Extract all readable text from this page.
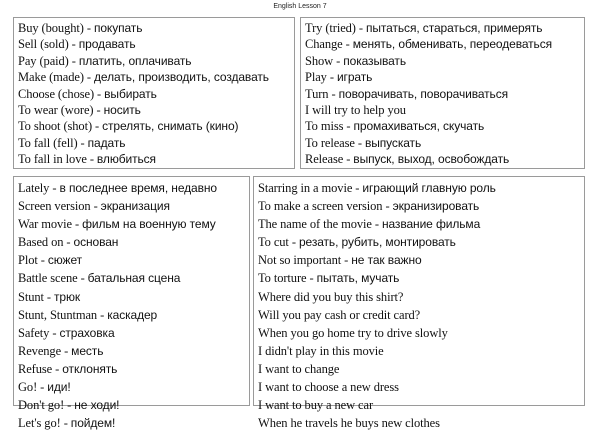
English Lesson 7
Buy (bought) - покупать
Sell (sold) - продавать
Pay (paid) - платить, оплачивать
Make (made) - делать, производить, создавать
Choose (chose) - выбирать
To wear (wore) - носить
To shoot (shot) - стрелять, снимать (кино)
To fall (fell) - падать
To fall in love - влюбиться
Try (tried) - пытаться, стараться, примерять
Change - менять, обменивать, переодеваться
Show - показывать
Play - играть
Turn - поворачивать, поворачиваться
I will try to help you
To miss - промахиваться, скучать
To release - выпускать
Release - выпуск, выход, освобождать
Lately - в последнее время, недавно
Screen version - экранизация
War movie - фильм на военную тему
Based on - основан
Plot - сюжет
Battle scene - батальная сцена
Stunt - трюк
Stunt, Stuntman - каскадер
Safety - страховка
Revenge - месть
Refuse - отклонять
Go! - иди!
Don't go! - не ходи!
Let's go! - пойдем!
Starring in a movie - играющий главную роль
To make a screen version - экранизировать
The name of the movie - название фильма
To cut - резать, рубить, монтировать
Not so important - не так важно
To torture - пытать, мучать
Where did you buy this shirt?
Will you pay cash or credit card?
When you go home try to drive slowly
I didn't play in this movie
I want to change
I want to choose a new dress
I want to buy a new car
When he travels he buys new clothes
